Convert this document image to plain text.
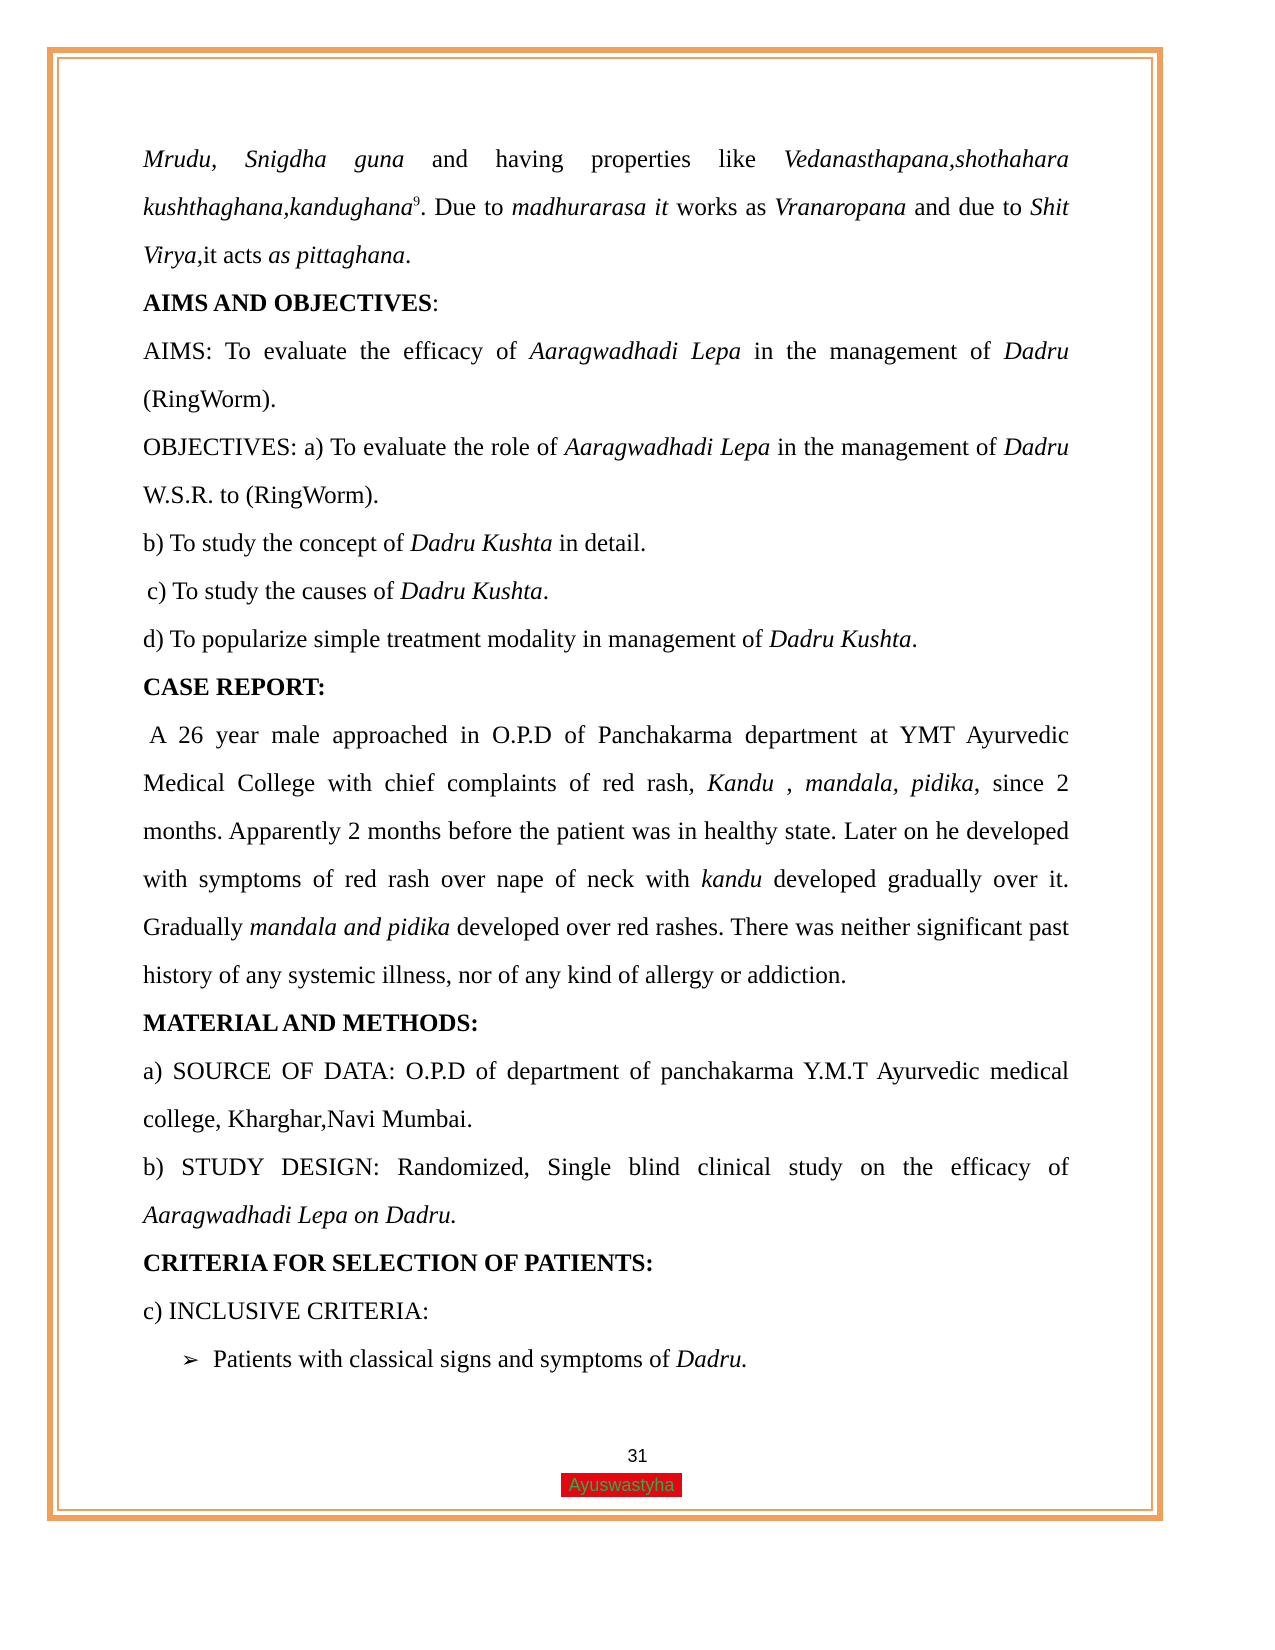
Mrudu, Snigdha guna and having properties like Vedanasthapana,shothahara kushthaghana,kandughana$^9$. Due to madhurarasa it works as Vranaropana and due to Shit Virya,it acts as pittaghana.

AIMS AND OBJECTIVES:

AIMS: To evaluate the efficacy of Aaragwadhadi Lepa in the management of Dadru (RingWorm).

OBJECTIVES: a) To evaluate the role of Aaragwadhadi Lepa in the management of Dadru W.S.R. to (RingWorm).

b) To study the concept of Dadru Kushta in detail.

c) To study the causes of Dadru Kushta.

d) To popularize simple treatment modality in management of Dadru Kushta.

CASE REPORT:

A 26 year male approached in O.P.D of Panchakarma department at YMT Ayurvedic Medical College with chief complaints of red rash, Kandu , mandala, pidika, since 2 months. Apparently 2 months before the patient was in healthy state. Later on he developed with symptoms of red rash over nape of neck with kandu developed gradually over it. Gradually mandala and pidika developed over red rashes. There was neither significant past history of any systemic illness, nor of any kind of allergy or addiction.

MATERIAL AND METHODS:

a) SOURCE OF DATA: O.P.D of department of panchakarma Y.M.T Ayurvedic medical college, Kharghar,Navi Mumbai.

b) STUDY DESIGN: Randomized, Single blind clinical study on the efficacy of Aaragwadhadi Lepa on Dadru.

CRITERIA FOR SELECTION OF PATIENTS:

c) INCLUSIVE CRITERIA:

➢ Patients with classical signs and symptoms of Dadru.
31
Ayuswastyha
